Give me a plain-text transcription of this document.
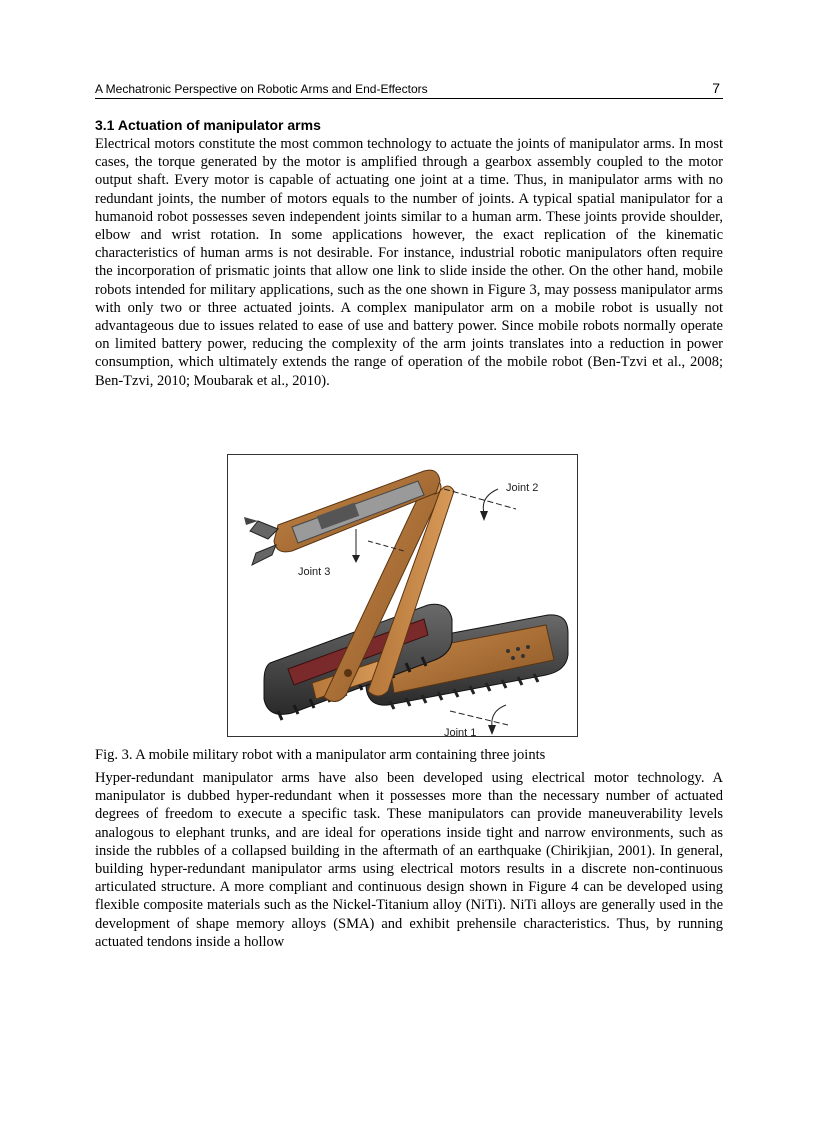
A Mechatronic Perspective on Robotic Arms and End-Effectors	7
3.1 Actuation of manipulator arms

Electrical motors constitute the most common technology to actuate the joints of manipulator arms. In most cases, the torque generated by the motor is amplified through a gearbox assembly coupled to the motor output shaft. Every motor is capable of actuating one joint at a time. Thus, in manipulator arms with no redundant joints, the number of motors equals to the number of joints. A typical spatial manipulator for a humanoid robot possesses seven independent joints similar to a human arm. These joints provide shoulder, elbow and wrist rotation. In some applications however, the exact replication of the kinematic characteristics of human arms is not desirable. For instance, industrial robotic manipulators often require the incorporation of prismatic joints that allow one link to slide inside the other. On the other hand, mobile robots intended for military applications, such as the one shown in Figure 3, may possess manipulator arms with only two or three actuated joints. A complex manipulator arm on a mobile robot is usually not advantageous due to issues related to ease of use and battery power. Since mobile robots normally operate on limited battery power, reducing the complexity of the arm joints translates into a reduction in power consumption, which ultimately extends the range of operation of the mobile robot (Ben-Tzvi et al., 2008; Ben-Tzvi, 2010; Moubarak et al., 2010).

Joint 3
Joint 2
Joint 1

Fig. 3. A mobile military robot with a manipulator arm containing three joints

Hyper-redundant manipulator arms have also been developed using electrical motor technology. A manipulator is dubbed hyper-redundant when it possesses more than the necessary number of actuated degrees of freedom to execute a specific task. These manipulators can provide maneuverability levels analogous to elephant trunks, and are ideal for operations inside tight and narrow environments, such as inside the rubbles of a collapsed building in the aftermath of an earthquake (Chirikjian, 2001). In general, building hyper-redundant manipulator arms using electrical motors results in a discrete non-continuous articulated structure. A more compliant and continuous design shown in Figure 4 can be developed using flexible composite materials such as the Nickel-Titanium alloy (NiTi). NiTi alloys are generally used in the development of shape memory alloys (SMA) and exhibit prehensile characteristics. Thus, by running actuated tendons inside a hollow
